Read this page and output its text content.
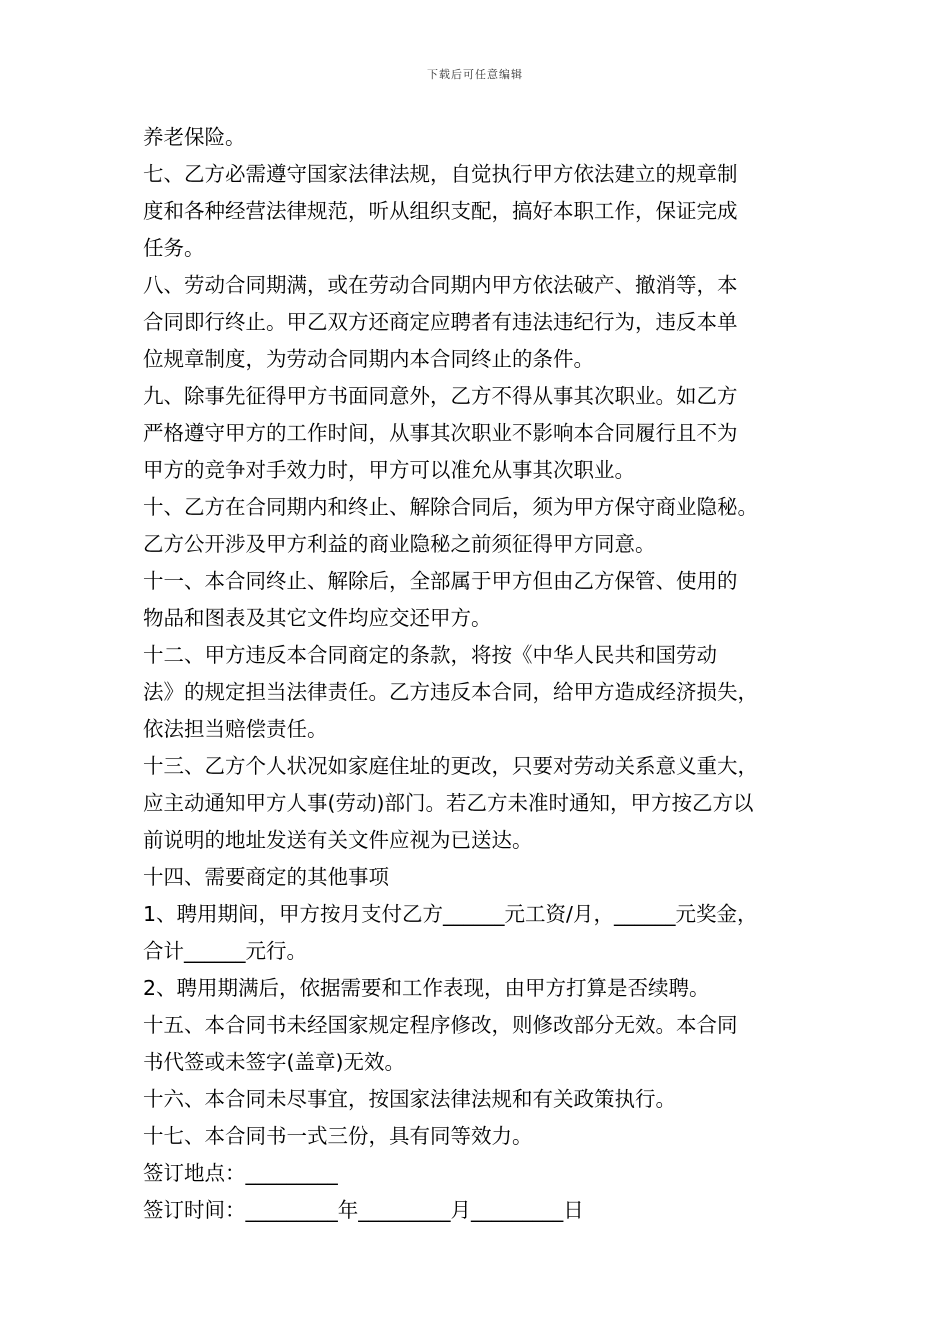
下载后可任意编辑
养老保险。
七、乙方必需遵守国家法律法规，自觉执行甲方依法建立的规章制
度和各种经营法律规范，听从组织支配，搞好本职工作，保证完成
任务。
八、劳动合同期满，或在劳动合同期内甲方依法破产、撤消等，本
合同即行终止。甲乙双方还商定应聘者有违法违纪行为，违反本单
位规章制度，为劳动合同期内本合同终止的条件。
九、除事先征得甲方书面同意外，乙方不得从事其次职业。如乙方
严格遵守甲方的工作时间，从事其次职业不影响本合同履行且不为
甲方的竞争对手效力时，甲方可以准允从事其次职业。
十、乙方在合同期内和终止、解除合同后，须为甲方保守商业隐秘。
乙方公开涉及甲方利益的商业隐秘之前须征得甲方同意。
十一、本合同终止、解除后，全部属于甲方但由乙方保管、使用的
物品和图表及其它文件均应交还甲方。
十二、甲方违反本合同商定的条款，将按《中华人民共和国劳动
法》的规定担当法律责任。乙方违反本合同，给甲方造成经济损失，
依法担当赔偿责任。
十三、乙方个人状况如家庭住址的更改，只要对劳动关系意义重大，
应主动通知甲方人事(劳动)部门。若乙方未准时通知，甲方按乙方以
前说明的地址发送有关文件应视为已送达。
十四、需要商定的其他事项
1、聘用期间，甲方按月支付乙方______元工资/月，______元奖金，
合计______元行。
2、聘用期满后，依据需要和工作表现，由甲方打算是否续聘。
十五、本合同书未经国家规定程序修改，则修改部分无效。本合同
书代签或未签字(盖章)无效。
十六、本合同未尽事宜，按国家法律法规和有关政策执行。
十七、本合同书一式三份，具有同等效力。
签订地点：_________
签订时间：_________年_________月_________日
